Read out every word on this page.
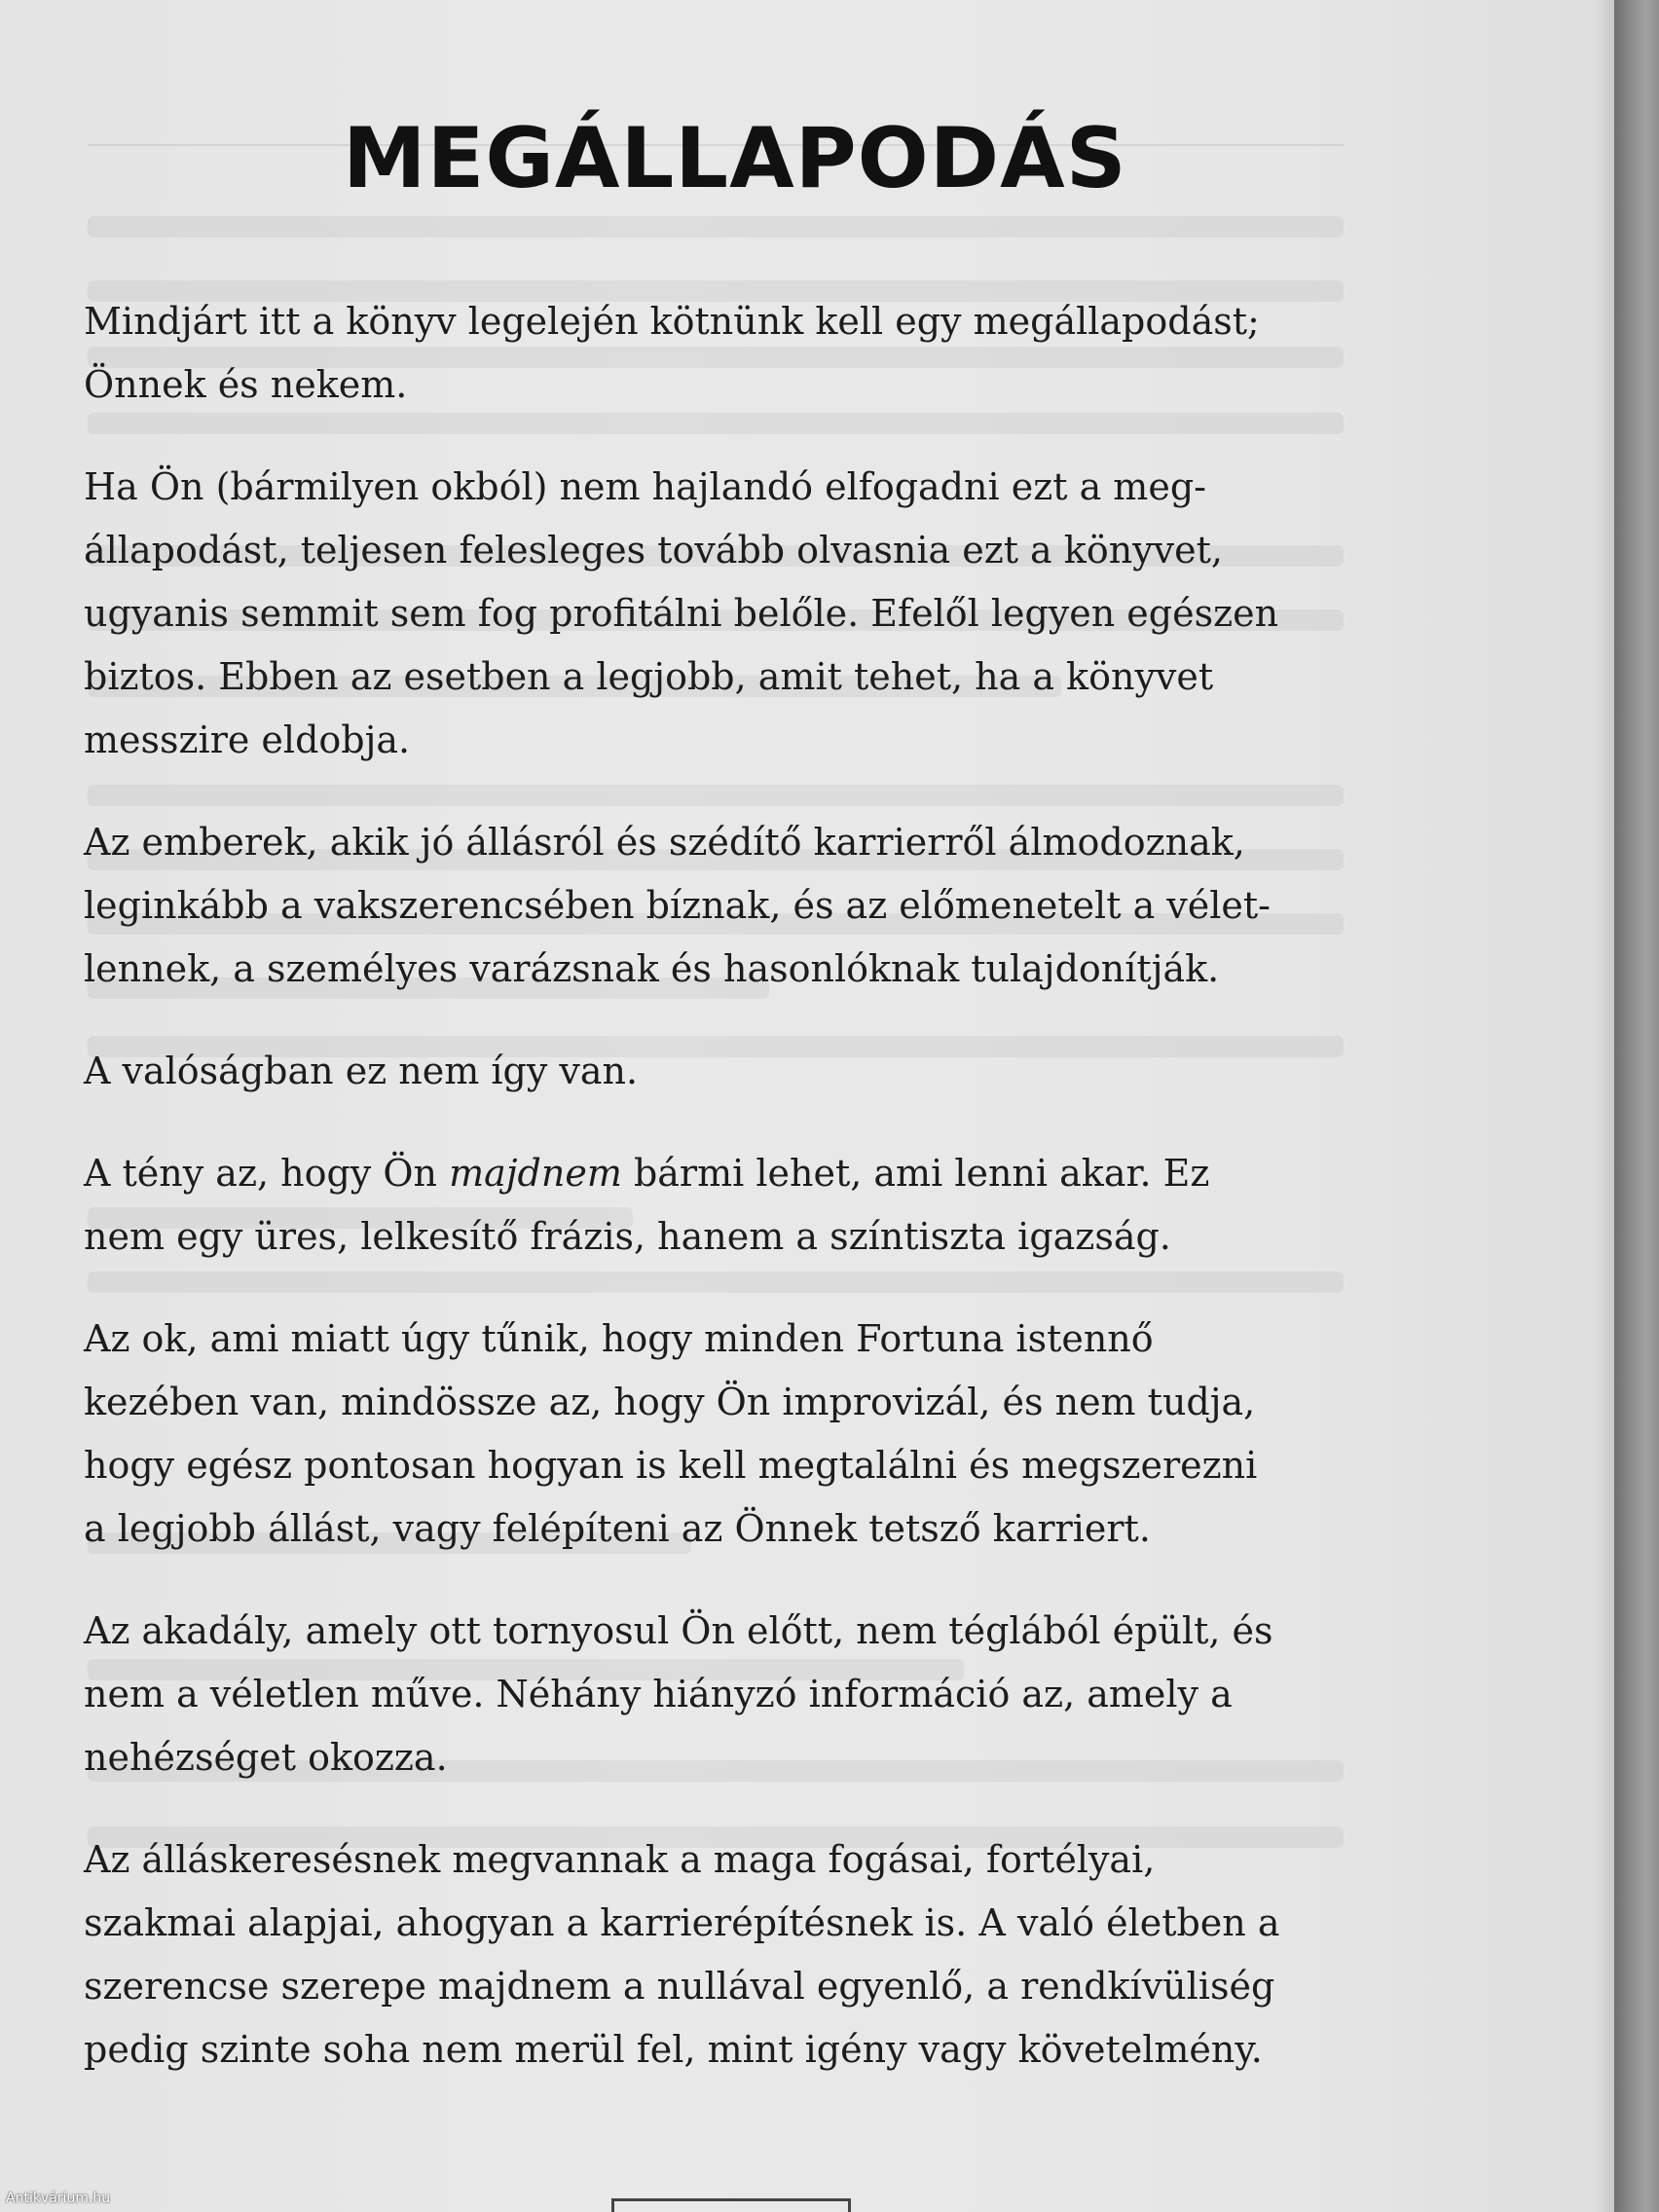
MEGÁLLAPODÁS

Mindjárt itt a könyv legelején kötnünk kell egy megállapodást;
Önnek és nekem.

Ha Ön (bármilyen okból) nem hajlandó elfogadni ezt a meg-
állapodást, teljesen felesleges tovább olvasnia ezt a könyvet,
ugyanis semmit sem fog profitálni belőle. Efelől legyen egészen
biztos. Ebben az esetben a legjobb, amit tehet, ha a könyvet
messzire eldobja.

Az emberek, akik jó állásról és szédítő karrierről álmodoznak,
leginkább a vakszerencsében bíznak, és az előmenetelt a vélet-
lennek, a személyes varázsnak és hasonlóknak tulajdonítják.

A valóságban ez nem így van.

A tény az, hogy Ön majdnem bármi lehet, ami lenni akar. Ez
nem egy üres, lelkesítő frázis, hanem a színtiszta igazság.

Az ok, ami miatt úgy tűnik, hogy minden Fortuna istennő
kezében van, mindössze az, hogy Ön improvizál, és nem tudja,
hogy egész pontosan hogyan is kell megtalálni és megszerezni
a legjobb állást, vagy felépíteni az Önnek tetsző karriert.

Az akadály, amely ott tornyosul Ön előtt, nem téglából épült, és
nem a véletlen műve. Néhány hiányzó információ az, amely a
nehézséget okozza.

Az álláskeresésnek megvannak a maga fogásai, fortélyai,
szakmai alapjai, ahogyan a karrierépítésnek is. A való életben a
szerencse szerepe majdnem a nullával egyenlő, a rendkívüliség
pedig szinte soha nem merül fel, mint igény vagy követelmény.

Antikvárium.hu
